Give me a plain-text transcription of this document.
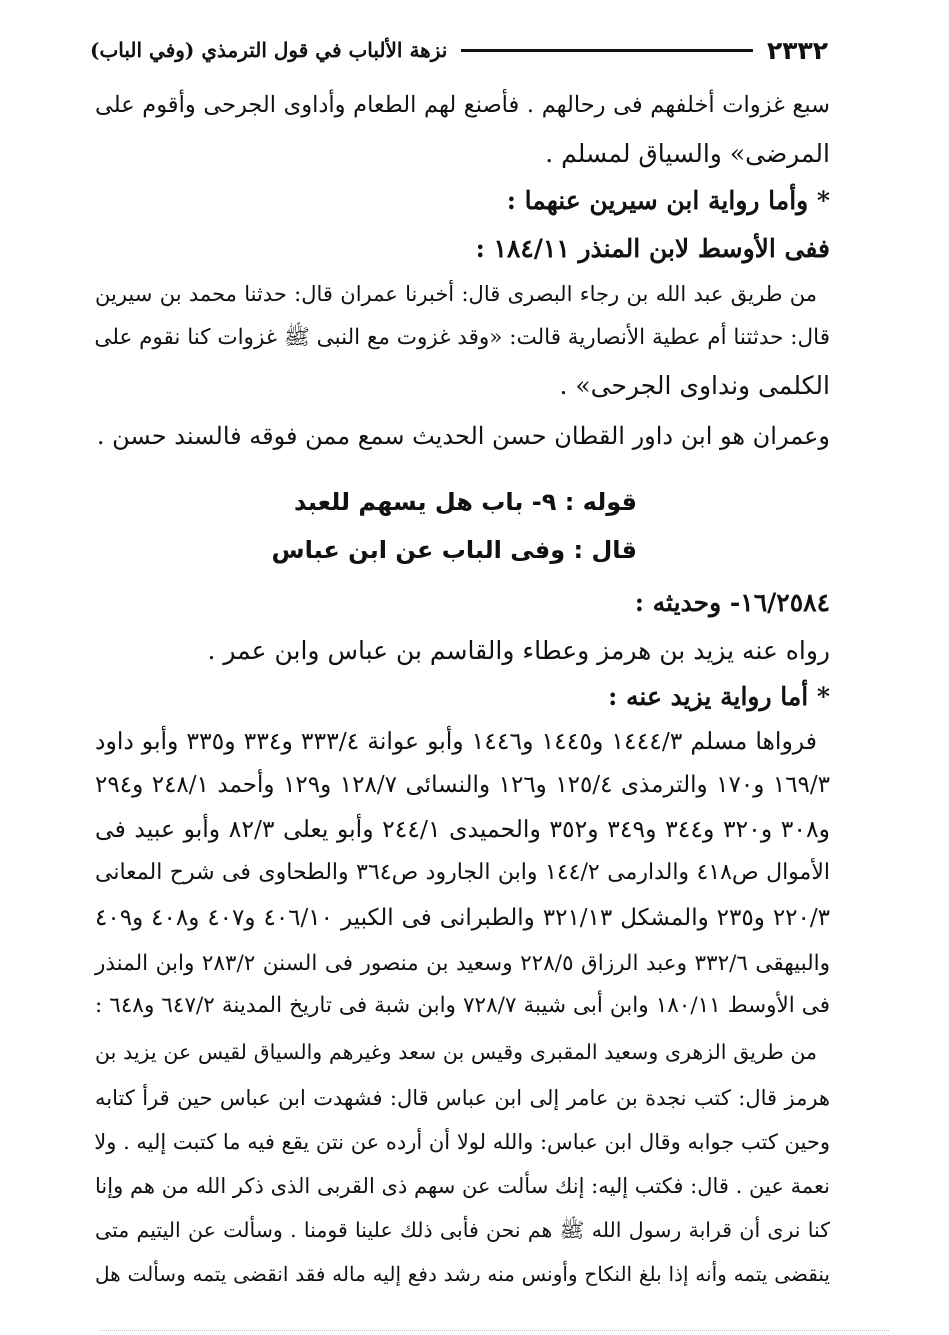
٢٣٣٢
نزهة الألباب في قول الترمذي (وفي الباب)
سبع غزوات أخلفهم فى رحالهم . فأصنع لهم الطعام وأداوى الجرحى وأقوم على
المرضى» والسياق لمسلم .
* وأما رواية ابن سيرين عنهما :
ففى الأوسط لابن المنذر ١٨٤/١١ :
من طريق عبد الله بن رجاء البصرى قال: أخبرنا عمران قال: حدثنا محمد بن سيرين
قال: حدثتنا أم عطية الأنصارية قالت: «وقد غزوت مع النبى ﷺ غزوات كنا نقوم على
الكلمى ونداوى الجرحى» .
وعمران هو ابن داور القطان حسن الحديث سمع ممن فوقه فالسند حسن .
قوله : ٩- باب هل يسهم للعبد
قال : وفى الباب عن ابن عباس
١٦/٢٥٨٤- وحديثه :
رواه عنه يزيد بن هرمز وعطاء والقاسم بن عباس وابن عمر .
* أما رواية يزيد عنه :
فرواها مسلم ١٤٤٤/٣ و١٤٤٥ و١٤٤٦ وأبو عوانة ٣٣٣/٤ و٣٣٤ و٣٣٥ وأبو داود
١٦٩/٣ و١٧٠ والترمذى ١٢٥/٤ و١٢٦ والنسائى ١٢٨/٧ و١٢٩ وأحمد ٢٤٨/١ و٢٩٤
و٣٠٨ و٣٢٠ و٣٤٤ و٣٤٩ و٣٥٢ والحميدى ٢٤٤/١ وأبو يعلى ٨٢/٣ وأبو عبيد فى
الأموال ص٤١٨ والدارمى ١٤٤/٢ وابن الجارود ص٣٦٤ والطحاوى فى شرح المعانى
٢٢٠/٣ و٢٣٥ والمشكل ٣٢١/١٣ والطبرانى فى الكبير ٤٠٦/١٠ و٤٠٧ و٤٠٨ و٤٠٩
والبيهقى ٣٣٢/٦ وعبد الرزاق ٢٢٨/٥ وسعيد بن منصور فى السنن ٢٨٣/٢ وابن المنذر
فى الأوسط ١٨٠/١١ وابن أبى شيبة ٧٢٨/٧ وابن شبة فى تاريخ المدينة ٦٤٧/٢ و٦٤٨ :
من طريق الزهرى وسعيد المقبرى وقيس بن سعد وغيرهم والسياق لقيس عن يزيد بن
هرمز قال: كتب نجدة بن عامر إلى ابن عباس قال: فشهدت ابن عباس حين قرأ كتابه
وحين كتب جوابه وقال ابن عباس: والله لولا أن أرده عن نتن يقع فيه ما كتبت إليه . ولا
نعمة عين . قال: فكتب إليه: إنك سألت عن سهم ذى القربى الذى ذكر الله من هم وإنا
كنا نرى أن قرابة رسول الله ﷺ هم نحن فأبى ذلك علينا قومنا . وسألت عن اليتيم متى
ينقضى يتمه وأنه إذا بلغ النكاح وأونس منه رشد دفع إليه ماله فقد انقضى يتمه وسألت هل
